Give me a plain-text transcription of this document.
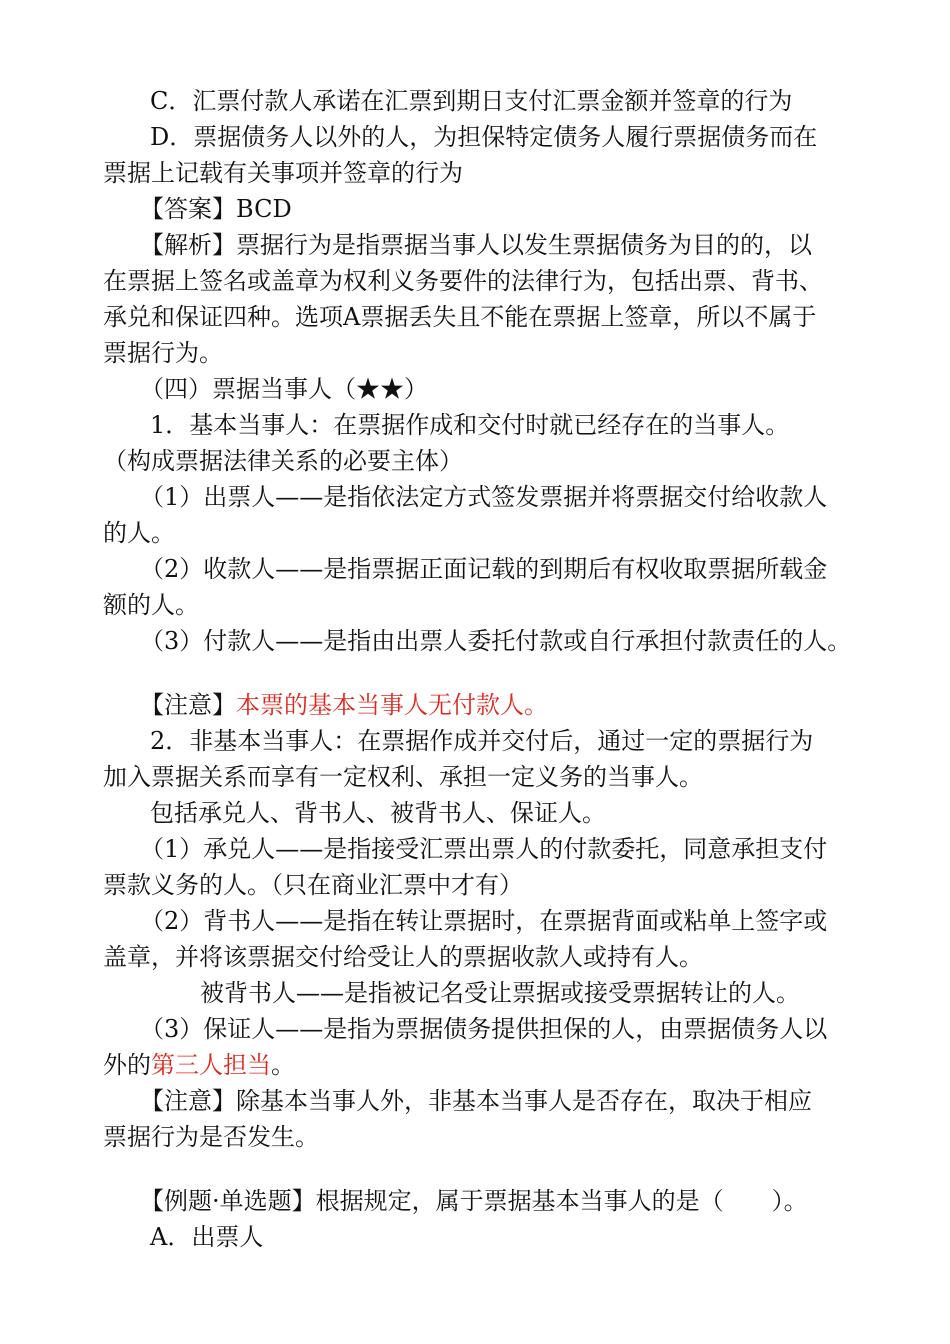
C．汇票付款人承诺在汇票到期日支付汇票金额并签章的行为
D．票据债务人以外的人，为担保特定债务人履行票据债务而在
票据上记载有关事项并签章的行为
【答案】BCD
【解析】票据行为是指票据当事人以发生票据债务为目的的，以
在票据上签名或盖章为权利义务要件的法律行为，包括出票、背书、
承兑和保证四种。选项A票据丢失且不能在票据上签章，所以不属于
票据行为。
（四）票据当事人（★★）
1．基本当事人：在票据作成和交付时就已经存在的当事人。
（构成票据法律关系的必要主体）
（1）出票人——是指依法定方式签发票据并将票据交付给收款人
的人。
（2）收款人——是指票据正面记载的到期后有权收取票据所载金
额的人。
（3）付款人——是指由出票人委托付款或自行承担付款责任的人。
【注意】本票的基本当事人无付款人。
2．非基本当事人：在票据作成并交付后，通过一定的票据行为
加入票据关系而享有一定权利、承担一定义务的当事人。
包括承兑人、背书人、被背书人、保证人。
（1）承兑人——是指接受汇票出票人的付款委托，同意承担支付
票款义务的人。（只在商业汇票中才有）
（2）背书人——是指在转让票据时，在票据背面或粘单上签字或
盖章，并将该票据交付给受让人的票据收款人或持有人。
被背书人——是指被记名受让票据或接受票据转让的人。
（3）保证人——是指为票据债务提供担保的人，由票据债务人以
外的第三人担当。
【注意】除基本当事人外，非基本当事人是否存在，取决于相应
票据行为是否发生。
【例题·单选题】根据规定，属于票据基本当事人的是（　　）。
A．出票人
